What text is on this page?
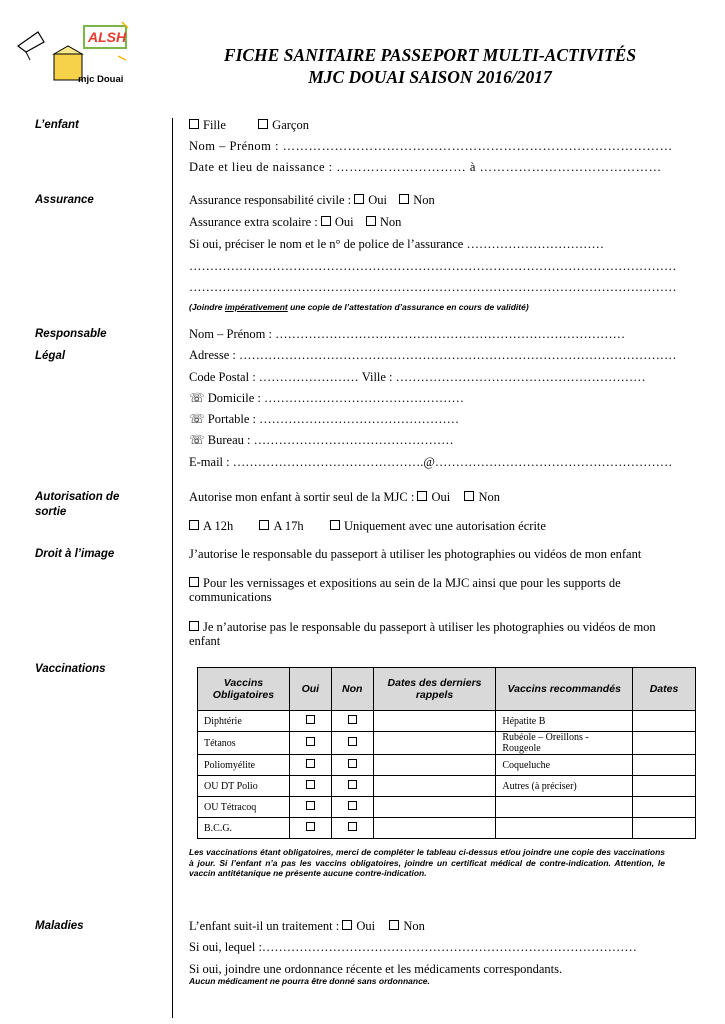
ALSH
mjc Douai
FICHE SANITAIRE PASSEPORT MULTI-ACTIVITÉS
MJC DOUAI SAISON 2016/2017
L’enfant	Fille	Garçon
Nom – Prénom : ………………………………………………………………………………
Date et lieu de naissance : ………………………… à ……………………………………
Assurance	Assurance responsabilité civile : Oui Non
Assurance extra scolaire : Oui Non
Si oui, préciser le nom et le n° de police de l’assurance ……………………………
………………………………………………………………………………………………………
………………………………………………………………………………………………………
(Joindre impérativement une copie de l’attestation d’assurance en cours de validité)
Responsable
Légal
Nom – Prénom : …………………………………………………………………………
Adresse : ……………………………………………………………………………………………
Code Postal : …………………… Ville : ……………………………………………………
☏ Domicile : …………………………………………
☏ Portable : …………………………………………
☏ Bureau : …………………………………………
E-mail : ……………………………………….@…………………………………………………
Autorisation de
sortie
Autorise mon enfant à sortir seul de la MJC : Oui Non
A 12h	A 17h	Uniquement avec une autorisation écrite
Droit à l’image	J’autorise le responsable du passeport à utiliser les photographies ou vidéos de mon enfant
Pour les vernissages et expositions au sein de la MJC ainsi que pour les supports de communications
Je n’autorise pas le responsable du passeport à utiliser les photographies ou vidéos de mon enfant
Vaccinations
Vaccins Obligatoires	Oui	Non	Dates des derniers rappels	Vaccins recommandés	Dates
Diphtérie				Hépatite B	
Tétanos				Rubéole – Oreillons - Rougeole	
Poliomyélite				Coqueluche	
OU DT Polio				Autres (à préciser)	
OU Tétracoq					
B.C.G.					
Les vaccinations étant obligatoires, merci de compléter le tableau ci-dessus et/ou joindre une copie des vaccinations à jour. Si l’enfant n’a pas les vaccins obligatoires, joindre un certificat médical de contre-indication. Attention, le vaccin antitétanique ne présente aucune contre-indication.
Maladies	L’enfant suit-il un traitement : Oui Non
Si oui, lequel :………………………………………………………………………………
Si oui, joindre une ordonnance récente et les médicaments correspondants.
Aucun médicament ne pourra être donné sans ordonnance.
